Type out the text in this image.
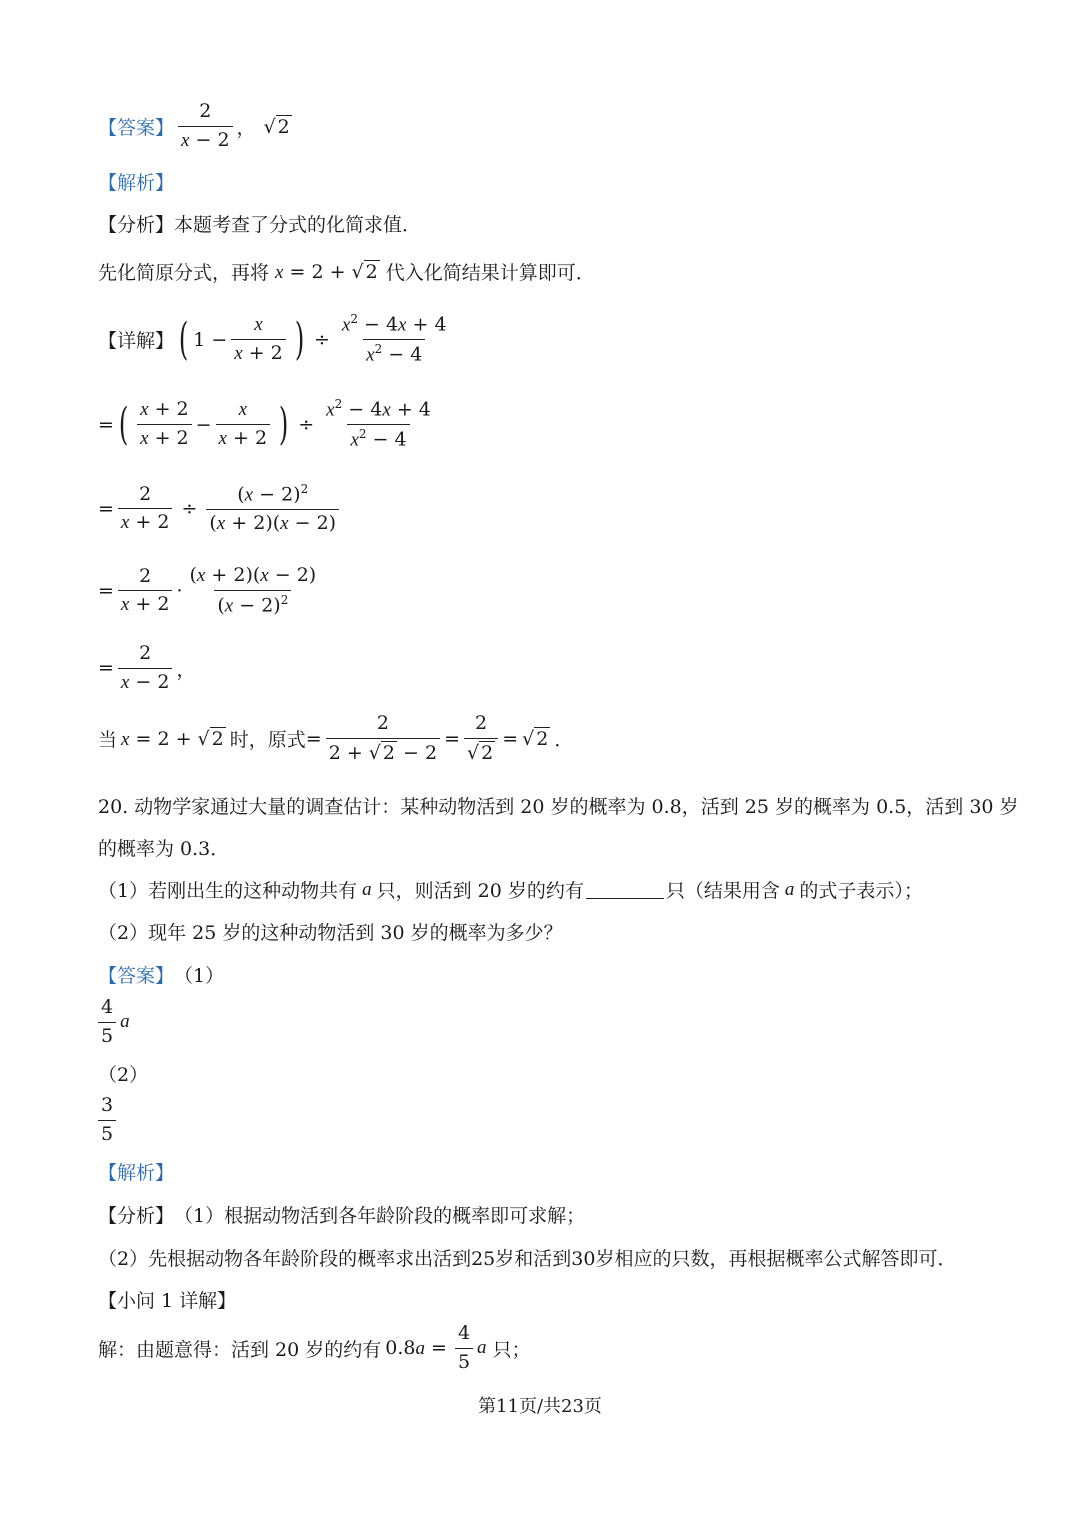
【答案】 $\frac{2}{x - 2}$ ， √ 2
【解析】
【分析】 本题考查了分式的化简求值．
先化简原分式，再将 x = 2 + √ 2 代入化简结果计算即可．
【详解】 ( $1 - \frac{x}{x + 2}$ ) ÷ $\frac{x^2 - 4x + 4}{x^2 - 4}$
= ( $\frac{x + 2}{x + 2} - \frac{x}{x + 2}$ ) ÷ $\frac{x^2 - 4x + 4}{x^2 - 4}$
= $\frac{2}{x + 2} \div \frac{(x - 2)^2}{(x + 2)(x - 2)}$
= $\frac{2}{x + 2} \cdot \frac{(x + 2)(x - 2)}{(x - 2)^2}$
= $\frac{2}{x - 2}$ ，
当 x = 2 + √ 2 时，原式 = $\frac{2}{2 + √ 2 - 2} = \frac{2}{√ 2}$ = √ 2 ．
20. 动物学家通过大量的调查估计：某种动物活到 20 岁的概率为 0.8，活到 25 岁的概率为 0.5，活到 30 岁
的概率为 0.3．
（1）若刚出生的这种动物共有 a 只，则活到 20 岁的约有	只（结果用含 a 的式子表示）；
（2）现年 25 岁的这种动物活到 30 岁的概率为多少？
【答案】 （1）
$\frac{4}{5}$ a
（2）
$\frac{3}{5}$
【解析】
【分析】 （1）根据动物活到各年龄阶段的概率即可求解；
（2）先根据动物各年龄阶段的概率求出活到25岁和活到30岁相应的只数，再根据概率公式解答即可．
【小问 1 详解】
解：由题意得：活到 20 岁的约有 $0.8a = \frac{4}{5}$ a 只；
第11页/共23页
